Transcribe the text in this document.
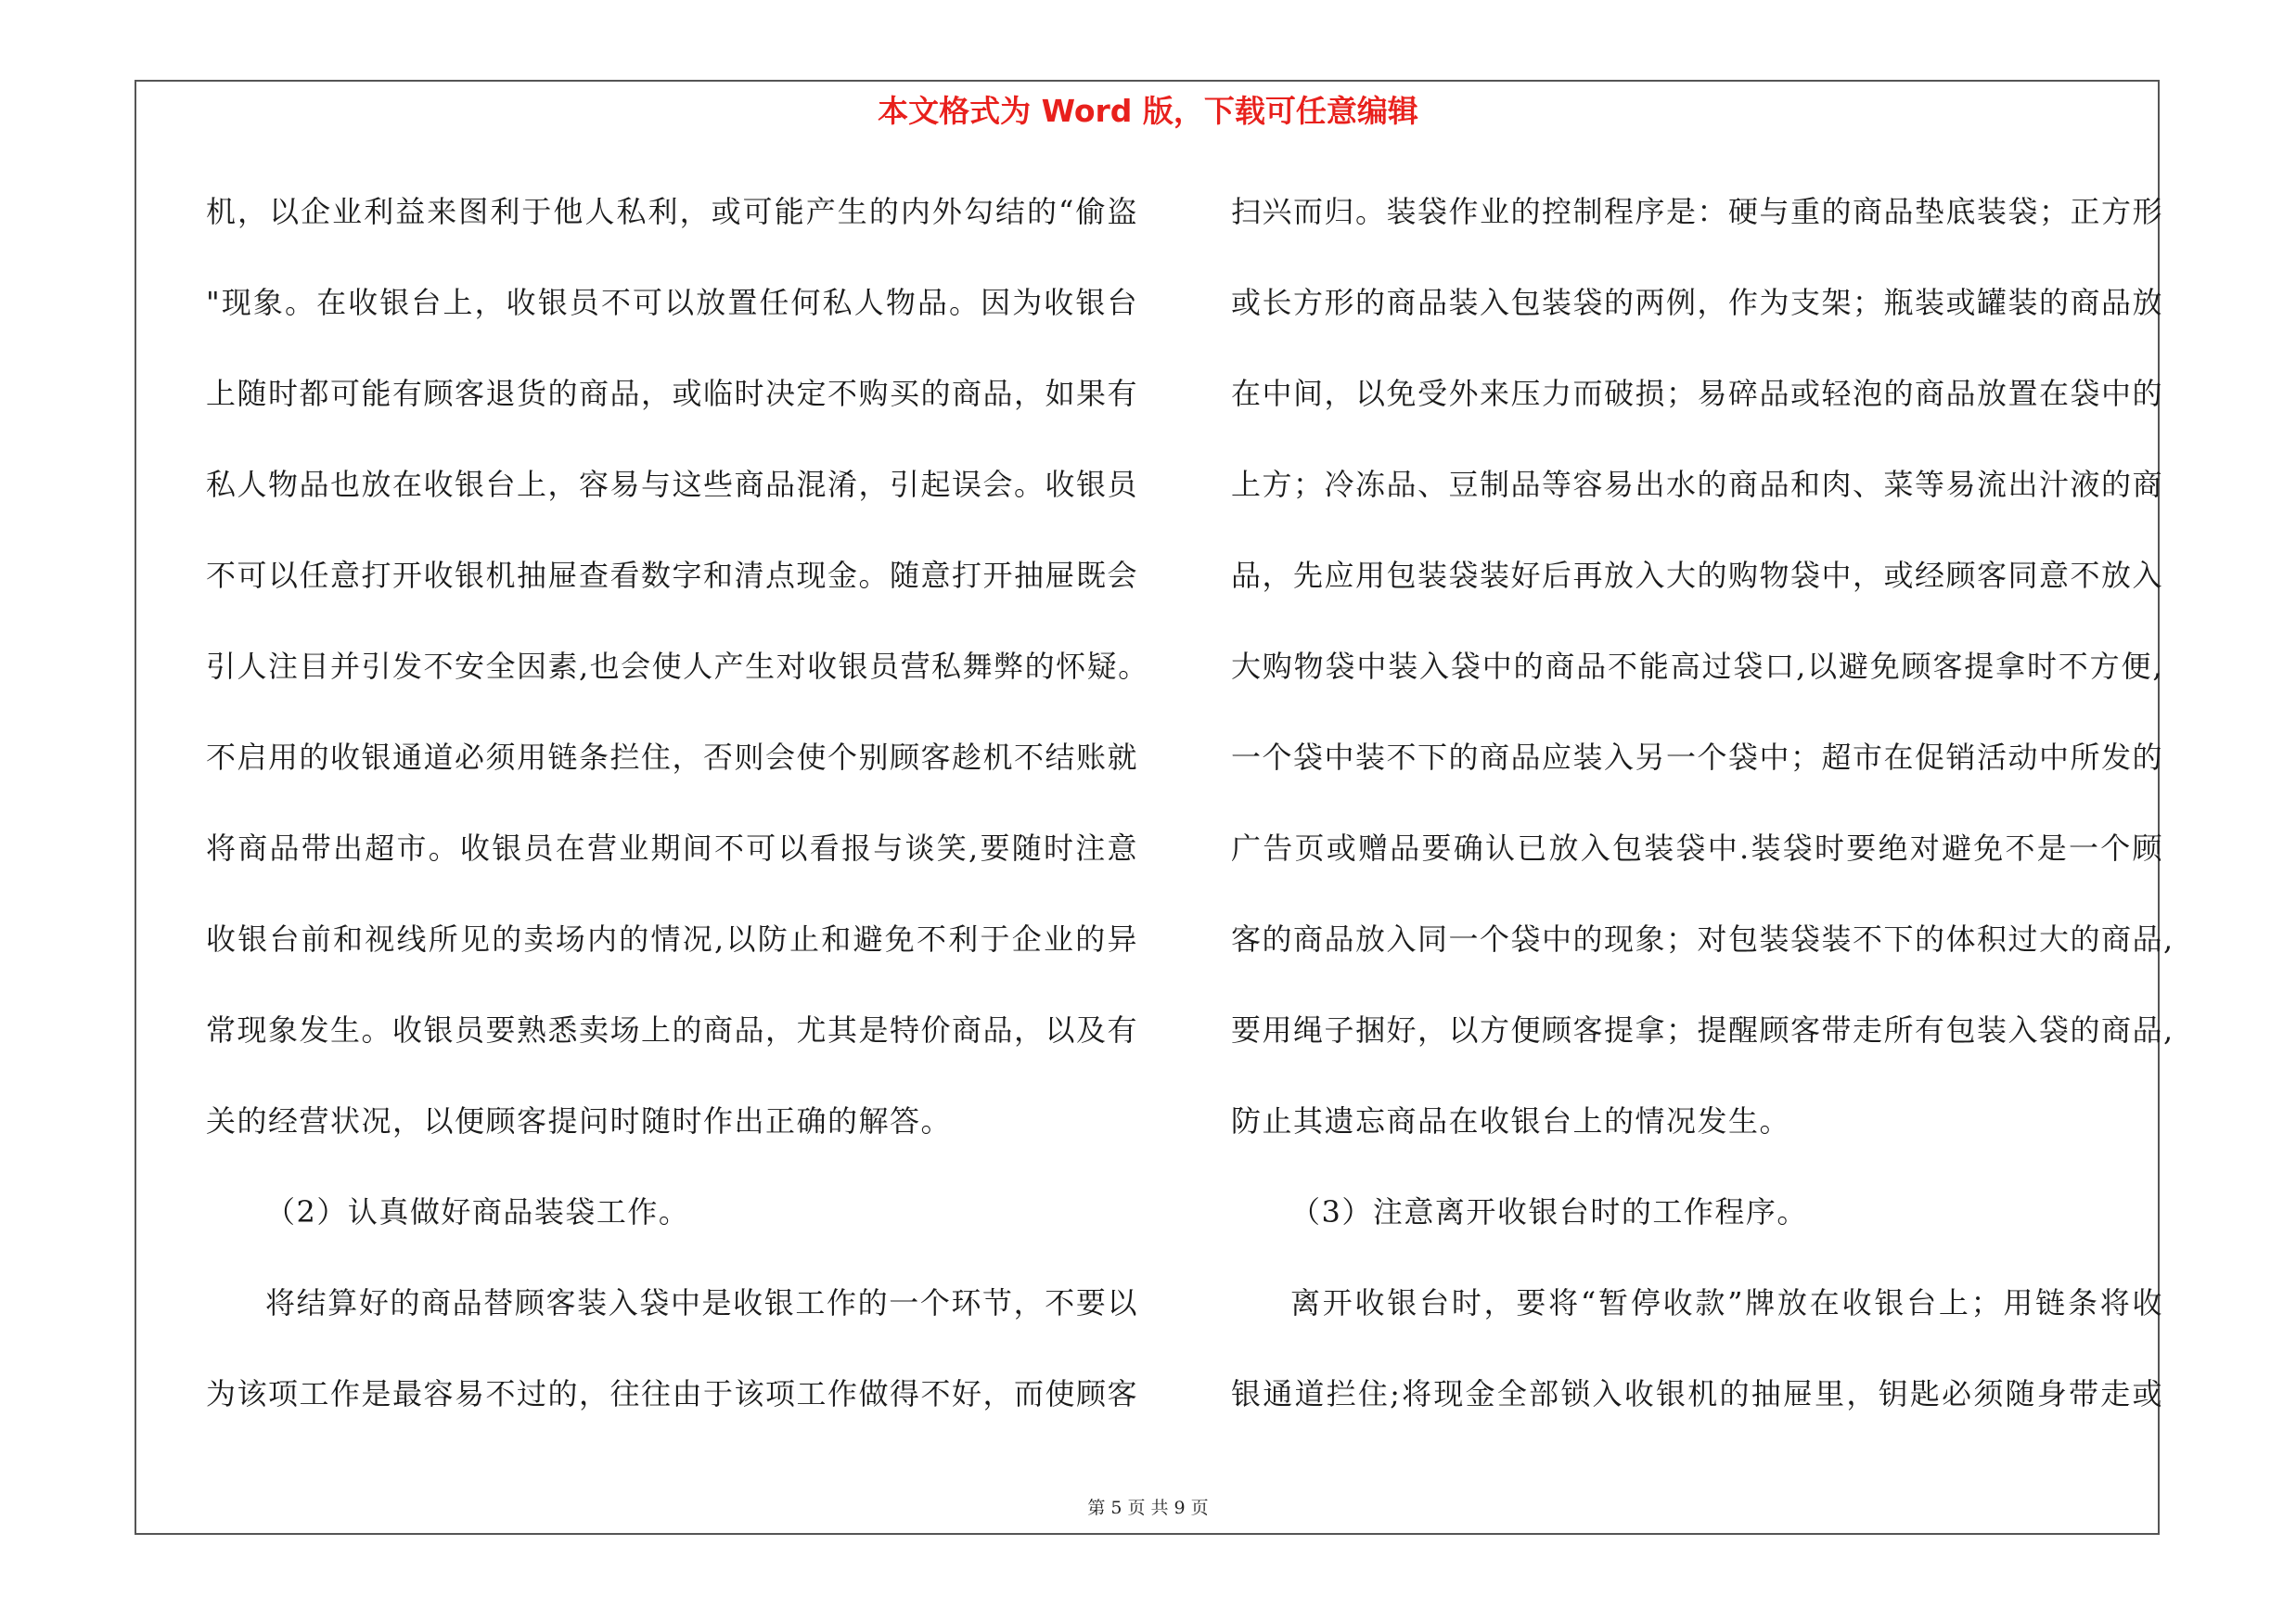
本文格式为 Word 版，下载可任意编辑
机，以企业利益来图利于他人私利，或可能产生的内外勾结的“偷盗
"现象。在收银台上，收银员不可以放置任何私人物品。因为收银台
上随时都可能有顾客退货的商品，或临时决定不购买的商品，如果有
私人物品也放在收银台上，容易与这些商品混淆，引起误会。收银员
不可以任意打开收银机抽屉查看数字和清点现金。随意打开抽屉既会
引人注目并引发不安全因素,也会使人产生对收银员营私舞弊的怀疑。
不启用的收银通道必须用链条拦住，否则会使个别顾客趁机不结账就
将商品带出超市。收银员在营业期间不可以看报与谈笑,要随时注意
收银台前和视线所见的卖场内的情况,以防止和避免不利于企业的异
常现象发生。收银员要熟悉卖场上的商品，尤其是特价商品，以及有
关的经营状况，以便顾客提问时随时作出正确的解答。
（2）认真做好商品装袋工作。
将结算好的商品替顾客装入袋中是收银工作的一个环节，不要以
为该项工作是最容易不过的，往往由于该项工作做得不好，而使顾客
扫兴而归。装袋作业的控制程序是：硬与重的商品垫底装袋；正方形
或长方形的商品装入包装袋的两例，作为支架；瓶装或罐装的商品放
在中间，以免受外来压力而破损；易碎品或轻泡的商品放置在袋中的
上方；冷冻品、豆制品等容易出水的商品和肉、菜等易流出汁液的商
品，先应用包装袋装好后再放入大的购物袋中，或经顾客同意不放入
大购物袋中装入袋中的商品不能高过袋口,以避免顾客提拿时不方便,
一个袋中装不下的商品应装入另一个袋中；超市在促销活动中所发的
广告页或赠品要确认已放入包装袋中.装袋时要绝对避免不是一个顾
客的商品放入同一个袋中的现象；对包装袋装不下的体积过大的商品,
要用绳子捆好，以方便顾客提拿；提醒顾客带走所有包装入袋的商品,
防止其遗忘商品在收银台上的情况发生。
（3）注意离开收银台时的工作程序。
离开收银台时，要将“暂停收款”牌放在收银台上；用链条将收
银通道拦住;将现金全部锁入收银机的抽屉里，钥匙必须随身带走或
第 5 页 共 9 页
